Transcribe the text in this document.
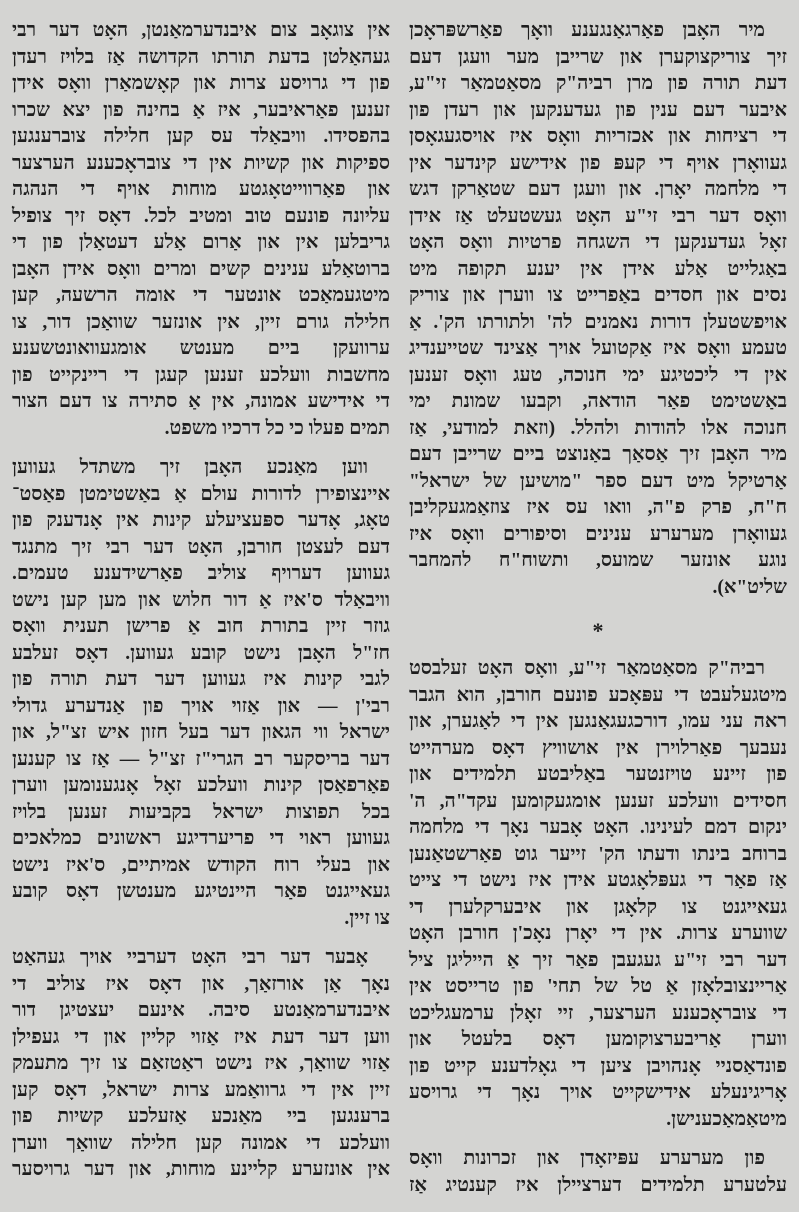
מיר האָבן פאַרגאַנגענע וואָך פאַרשפּראָכן
זיך צוריקצוקערן און שרייבן מער וועגן דעם
דעת תורה פון מרן רביה"ק מסאַטמאַר זי"ע,
איבער דעם ענין פון געדענקען און רעדן פון
די רציחות און אכזריות וואָס איז אויסגעגאָסן
געוואָרן אויף די קעפּ פון אידישע קינדער אין
די מלחמה יאָרן. און וועגן דעם שטאַרקן דגש
וואָס דער רבי זי"ע האָט געשטעלט אַז אידן
זאָל געדענקען די השגחה פרטיות וואָס האָט
באַגלייט אַלע אידן אין יענע תקופה מיט
נסים און חסדים באַפרייט צו ווערן און צוריק
אויפשטעלן דורות נאמנים לה' ולתורתו הק'. אַ
טעמע וואָס איז אַקטועל אויך אַצינד שטייענדיג
אין די ליכטיגע ימי חנוכה, טעג וואָס זענען
באַשטימט פאַר הודאה, וקבעו שמונת ימי
חנוכה אלו להודות ולהלל. (וזאת למודעי, אַז
מיר האָבן זיך אַסאַך באַנוצט ביים שרייבן דעם
אַרטיקל מיט דעם ספר "מושיען של ישראל"
ח"ח, פרק פ"ה, וואו עס איז צוזאַמגעקליבן
געוואָרן מערערע ענינים וסיפורים וואָס איז
נוגע אונזער שמועס, ותשוח"ח להמחבר
שליט"א).
*
רביה"ק מסאַטמאַר זי"ע, וואָס האָט זעלבסט
מיטגעלעבט די עפּאָכע פונעם חורבן, הוא הגבר
ראה עני עמו, דורכגעגאַנגען אין די לאַגערן, און
נעבעך פאַרלוירן אין אושוויץ דאָס מערהייט
פון זיינע טויזנטער באַליבטע תלמידים און
חסידים וועלכע זענען אומגעקומען עקד"ה, ה'
ינקום דמם לעינינו. האָט אָבער נאָך די מלחמה
ברוחב בינתו ודעתו הק' זייער גוט פאַרשטאַנען
אַז פאַר די געפּלאָגטע אידן איז נישט די צייט
געאייגנט צו קלאָגן און איבערקלערן די
שווערע צרות. אין די יאָרן נאָכ'ן חורבן האָט
דער רבי זי"ע געגעבן פאַר זיך אַ הייליגן ציל
אַריינצובלאָזן אַ טל של תחי' פון טרייסט אין
די צובראָכענע הערצער, זיי זאָלן ערמעגליכט
ווערן אַריבערצוקומען דאָס בלעטל און
פונדאַסניי אָנהויבן ציען די גאָלדענע קייט פון
אָריגינעלע אידישקייט אויך נאָך די גרויסע
מיטאַמאַכענישן.
פון מערערע עפּיזאָדן און זכרונות וואָס
עלטערע תלמידים דערציילן איז קענטיג אַז
אין צוגאָב צום איבנדערמאַנטן, האָט דער רבי
געהאַלטן בדעת תורתו הקדושה אַז בלויז רעדן
פון די גרויסע צרות און קאָשמאַרן וואָס אידן
זענען פאַראיבער, איז אַ בחינה פון יצא שכרו
בהפסידו. וויבאַלד עס קען חלילה צוברענגען
ספיקות און קשיות אין די צובראָכענע הערצער
און פאַרווייטאָגטע מוחות אויף די הנהגה
עליונה פונעם טוב ומטיב לכל. דאָס זיך צופיל
גריבלען אין און אַרום אַלע דעטאַלן פון די
ברוטאַלע ענינים קשים ומרים וואָס אידן האָבן
מיטגעמאַכט אונטער די אומה הרשעה, קען
חלילה גורם זיין, אין אונזער שוואַכן דור, צו
ערוועקן ביים מענטש אומגעוואונטשענע
מחשבות וועלכע זענען קעגן די ריינקייט פון
די אידישע אמונה, אין אַ סתירה צו דעם הצור
תמים פעלו כי כל דרכיו משפט.
ווען מאַנכע האָבן זיך משתדל געווען
איינצופירן לדורות עולם אַ באַשטימטן פאַסט־
טאָג, אָדער ספּעציעלע קינות אין אָנדענק פון
דעם לעצטן חורבן, האָט דער רבי זיך מתנגד
געווען דערויף צוליב פאַרשידענע טעמים.
וויבאַלד ס'איז אַ דור חלוש און מען קען נישט
גוזר זיין בתורת חוב אַ פרישן תענית וואָס
חז"ל האָבן נישט קובע געווען. דאָס זעלבע
לגבי קינות איז געווען דער דעת תורה פון
רבי'ן — און אַזוי אויך פון אַנדערע גדולי
ישראל ווי הגאון דער בעל חזון איש זצ"ל, און
דער בריסקער רב הגרי"ז זצ"ל — אַז צו קענען
פאַרפאַסן קינות וועלכע זאָל אָנגענומען ווערן
בכל תפוצות ישראל בקביעות זענען בלויז
געווען ראוי די פריערדיגע ראשונים כמלאכים
און בעלי רוח הקודש אמיתיים, ס'איז נישט
געאייגנט פאַר היינטיגע מענטשן דאָס קובע
צו זיין.
אָבער דער רבי האָט דערביי אויך געהאַט
נאָך אַן אורזאַך, און דאָס איז צוליב די
איבנדערמאַנטע סיבה. אינעם יעצטיגן דור
ווען דער דעת איז אַזוי קליין און די געפילן
אַזוי שוואַך, איז נישט ראַטזאַם צו זיך מתעמק
זיין אין די גרוואַמע צרות ישראל, דאָס קען
ברענגען ביי מאַנכע אַזעלכע קשיות פון
וועלכע די אמונה קען חלילה שוואַך ווערן
אין אונזערע קליינע מוחות, און דער גרויסער
